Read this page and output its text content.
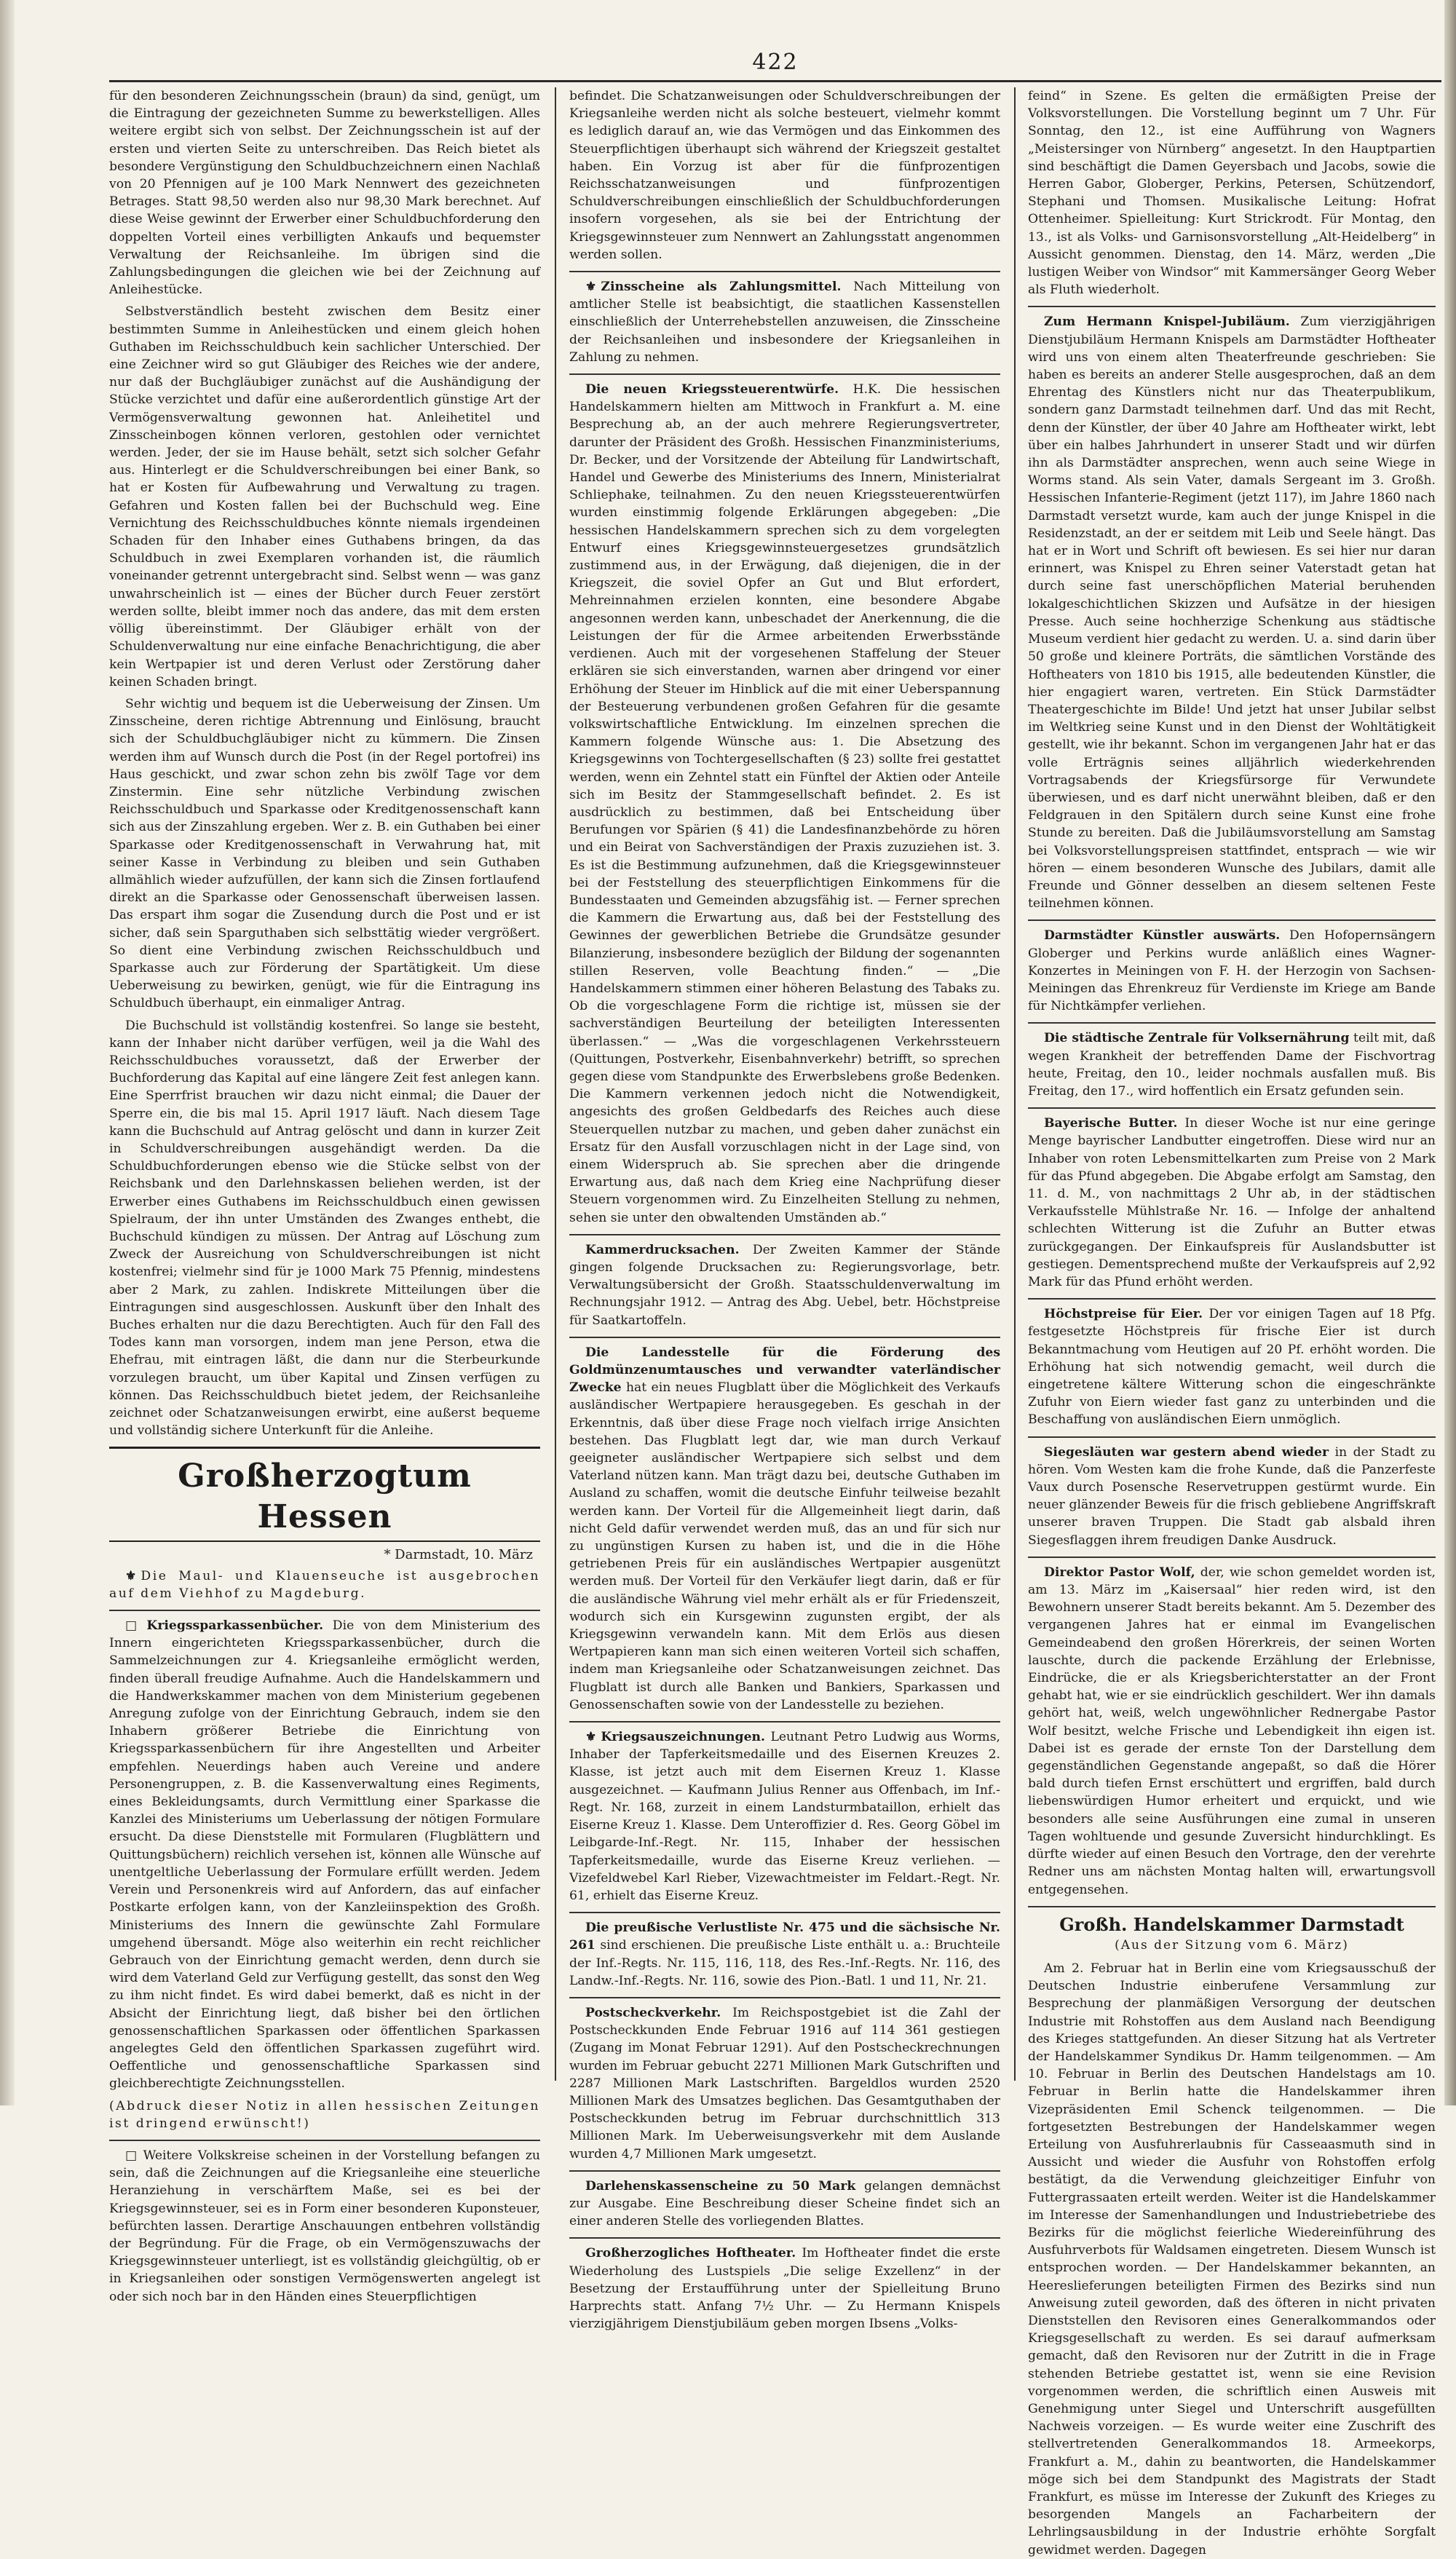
422

für den besonderen Zeichnungsschein (braun) da sind, genügt, um die Eintragung der gezeichneten Summe zu bewerkstelligen. Alles weitere ergibt sich von selbst. Der Zeichnungsschein ist auf der ersten und vierten Seite zu unterschreiben. Das Reich bietet als besondere Vergünstigung den Schuldbuchzeichnern einen Nachlaß von 20 Pfennigen auf je 100 Mark Nennwert des gezeichneten Betrages. Statt 98,50 werden also nur 98,30 Mark berechnet. Auf diese Weise gewinnt der Erwerber einer Schuldbuchforderung den doppelten Vorteil eines verbilligten Ankaufs und bequemster Verwaltung der Reichsanleihe. Im übrigen sind die Zahlungsbedingungen die gleichen wie bei der Zeichnung auf Anleihestücke.

Selbstverständlich besteht zwischen dem Besitz einer bestimmten Summe in Anleihestücken und einem gleich hohen Guthaben im Reichsschuldbuch kein sachlicher Unterschied. Der eine Zeichner wird so gut Gläubiger des Reiches wie der andere, nur daß der Buchgläubiger zunächst auf die Aushändigung der Stücke verzichtet und dafür eine außerordentlich günstige Art der Vermögensverwaltung gewonnen hat. Anleihetitel und Zinsscheinbogen können verloren, gestohlen oder vernichtet werden. Jeder, der sie im Hause behält, setzt sich solcher Gefahr aus. Hinterlegt er die Schuldverschreibungen bei einer Bank, so hat er Kosten für Aufbewahrung und Verwaltung zu tragen. Gefahren und Kosten fallen bei der Buchschuld weg. Eine Vernichtung des Reichsschuldbuches könnte niemals irgendeinen Schaden für den Inhaber eines Guthabens bringen, da das Schuldbuch in zwei Exemplaren vorhanden ist, die räumlich voneinander getrennt untergebracht sind. Selbst wenn — was ganz unwahrscheinlich ist — eines der Bücher durch Feuer zerstört werden sollte, bleibt immer noch das andere, das mit dem ersten völlig übereinstimmt. Der Gläubiger erhält von der Schuldenverwaltung nur eine einfache Benachrichtigung, die aber kein Wertpapier ist und deren Verlust oder Zerstörung daher keinen Schaden bringt.

Sehr wichtig und bequem ist die Ueberweisung der Zinsen. Um Zinsscheine, deren richtige Abtrennung und Einlösung, braucht sich der Schuldbuchgläubiger nicht zu kümmern. Die Zinsen werden ihm auf Wunsch durch die Post (in der Regel portofrei) ins Haus geschickt, und zwar schon zehn bis zwölf Tage vor dem Zinstermin. Eine sehr nützliche Verbindung zwischen Reichsschuldbuch und Sparkasse oder Kreditgenossenschaft kann sich aus der Zinszahlung ergeben. Wer z. B. ein Guthaben bei einer Sparkasse oder Kreditgenossenschaft in Verwahrung hat, mit seiner Kasse in Verbindung zu bleiben und sein Guthaben allmählich wieder aufzufüllen, der kann sich die Zinsen fortlaufend direkt an die Sparkasse oder Genossenschaft überweisen lassen. Das erspart ihm sogar die Zusendung durch die Post und er ist sicher, daß sein Sparguthaben sich selbsttätig wieder vergrößert. So dient eine Verbindung zwischen Reichsschuldbuch und Sparkasse auch zur Förderung der Spartätigkeit. Um diese Ueberweisung zu bewirken, genügt, wie für die Eintragung ins Schuldbuch überhaupt, ein einmaliger Antrag.

Die Buchschuld ist vollständig kostenfrei. So lange sie besteht, kann der Inhaber nicht darüber verfügen, weil ja die Wahl des Reichsschuldbuches voraussetzt, daß der Erwerber der Buchforderung das Kapital auf eine längere Zeit fest anlegen kann. Eine Sperrfrist brauchen wir dazu nicht einmal; die Dauer der Sperre ein, die bis mal 15. April 1917 läuft. Nach diesem Tage kann die Buchschuld auf Antrag gelöscht und dann in kurzer Zeit in Schuldverschreibungen ausgehändigt werden. Da die Schuldbuchforderungen ebenso wie die Stücke selbst von der Reichsbank und den Darlehnskassen beliehen werden, ist der Erwerber eines Guthabens im Reichsschuldbuch einen gewissen Spielraum, der ihn unter Umständen des Zwanges enthebt, die Buchschuld kündigen zu müssen. Der Antrag auf Löschung zum Zweck der Ausreichung von Schuldverschreibungen ist nicht kostenfrei; vielmehr sind für je 1000 Mark 75 Pfennig, mindestens aber 2 Mark, zu zahlen. Indiskrete Mitteilungen über die Eintragungen sind ausgeschlossen. Auskunft über den Inhalt des Buches erhalten nur die dazu Berechtigten. Auch für den Fall des Todes kann man vorsorgen, indem man jene Person, etwa die Ehefrau, mit eintragen läßt, die dann nur die Sterbeurkunde vorzulegen braucht, um über Kapital und Zinsen verfügen zu können. Das Reichsschuldbuch bietet jedem, der Reichsanleihe zeichnet oder Schatzanweisungen erwirbt, eine außerst bequeme und vollständig sichere Unterkunft für die Anleihe.

Großherzogtum Hessen
* Darmstadt, 10. März

⚜ Die Maul- und Klauenseuche ist ausgebrochen auf dem Viehhof zu Magdeburg.

□ Kriegssparkassenbücher. Die von dem Ministerium des Innern eingerichteten Kriegssparkassenbücher, durch die Sammelzeichnungen zur 4. Kriegsanleihe ermöglicht werden, finden überall freudige Aufnahme. Auch die Handelskammern und die Handwerkskammer machen von dem Ministerium gegebenen Anregung zufolge von der Einrichtung Gebrauch, indem sie den Inhabern größerer Betriebe die Einrichtung von Kriegssparkassenbüchern für ihre Angestellten und Arbeiter empfehlen. Neuerdings haben auch Vereine und andere Personengruppen, z. B. die Kassenverwaltung eines Regiments, eines Bekleidungsamts, durch Vermittlung einer Sparkasse die Kanzlei des Ministeriums um Ueberlassung der nötigen Formulare ersucht. Da diese Dienststelle mit Formularen (Flugblättern und Quittungsbüchern) reichlich versehen ist, können alle Wünsche auf unentgeltliche Ueberlassung der Formulare erfüllt werden. Jedem Verein und Personenkreis wird auf Anfordern, das auf einfacher Postkarte erfolgen kann, von der Kanzleiinspektion des Großh. Ministeriums des Innern die gewünschte Zahl Formulare umgehend übersandt. Möge also weiterhin ein recht reichlicher Gebrauch von der Einrichtung gemacht werden, denn durch sie wird dem Vaterland Geld zur Verfügung gestellt, das sonst den Weg zu ihm nicht findet. Es wird dabei bemerkt, daß es nicht in der Absicht der Einrichtung liegt, daß bisher bei den örtlichen genossenschaftlichen Sparkassen oder öffentlichen Sparkassen angelegtes Geld den öffentlichen Sparkassen zugeführt wird. Oeffentliche und genossenschaftliche Sparkassen sind gleichberechtigte Zeichnungsstellen.

(Abdruck dieser Notiz in allen hessischen Zeitungen ist dringend erwünscht!)

□ Weitere Volkskreise scheinen in der Vorstellung befangen zu sein, daß die Zeichnungen auf die Kriegsanleihe eine steuerliche Heranziehung in verschärftem Maße, sei es bei der Kriegsgewinnsteuer, sei es in Form einer besonderen Kuponsteuer, befürchten lassen. Derartige Anschauungen entbehren vollständig der Begründung. Für die Frage, ob ein Vermögenszuwachs der Kriegsgewinnsteuer unterliegt, ist es vollständig gleichgültig, ob er in Kriegsanleihen oder sonstigen Vermögenswerten angelegt ist oder sich noch bar in den Händen eines Steuerpflichtigen

befindet. Die Schatzanweisungen oder Schuldverschreibungen der Kriegsanleihe werden nicht als solche besteuert, vielmehr kommt es lediglich darauf an, wie das Vermögen und das Einkommen des Steuerpflichtigen überhaupt sich während der Kriegszeit gestaltet haben. Ein Vorzug ist aber für die fünfprozentigen Reichsschatzanweisungen und fünfprozentigen Schuldverschreibungen einschließlich der Schuldbuchforderungen insofern vorgesehen, als sie bei der Entrichtung der Kriegsgewinnsteuer zum Nennwert an Zahlungsstatt angenommen werden sollen.

⚜ Zinsscheine als Zahlungsmittel. Nach Mitteilung von amtlicher Stelle ist beabsichtigt, die staatlichen Kassenstellen einschließlich der Unterrehebstellen anzuweisen, die Zinsscheine der Reichsanleihen und insbesondere der Kriegsanleihen in Zahlung zu nehmen.

Die neuen Kriegssteuerentwürfe. H.K. Die hessischen Handelskammern hielten am Mittwoch in Frankfurt a. M. eine Besprechung ab, an der auch mehrere Regierungsvertreter, darunter der Präsident des Großh. Hessischen Finanzministeriums, Dr. Becker, und der Vorsitzende der Abteilung für Landwirtschaft, Handel und Gewerbe des Ministeriums des Innern, Ministerialrat Schliephake, teilnahmen. Zu den neuen Kriegssteuerentwürfen wurden einstimmig folgende Erklärungen abgegeben: „Die hessischen Handelskammern sprechen sich zu dem vorgelegten Entwurf eines Kriegsgewinnsteuergesetzes grundsätzlich zustimmend aus, in der Erwägung, daß diejenigen, die in der Kriegszeit, die soviel Opfer an Gut und Blut erfordert, Mehreinnahmen erzielen konnten, eine besondere Abgabe angesonnen werden kann, unbeschadet der Anerkennung, die die Leistungen der für die Armee arbeitenden Erwerbsstände verdienen. Auch mit der vorgesehenen Staffelung der Steuer erklären sie sich einverstanden, warnen aber dringend vor einer Erhöhung der Steuer im Hinblick auf die mit einer Ueberspannung der Besteuerung verbundenen großen Gefahren für die gesamte volkswirtschaftliche Entwicklung. Im einzelnen sprechen die Kammern folgende Wünsche aus: 1. Die Absetzung des Kriegsgewinns von Tochtergesellschaften (§ 23) sollte frei gestattet werden, wenn ein Zehntel statt ein Fünftel der Aktien oder Anteile sich im Besitz der Stammgesellschaft befindet. 2. Es ist ausdrücklich zu bestimmen, daß bei Entscheidung über Berufungen vor Spärien (§ 41) die Landesfinanzbehörde zu hören und ein Beirat von Sachverständigen der Praxis zuzuziehen ist. 3. Es ist die Bestimmung aufzunehmen, daß die Kriegsgewinnsteuer bei der Feststellung des steuerpflichtigen Einkommens für die Bundesstaaten und Gemeinden abzugsfähig ist. — Ferner sprechen die Kammern die Erwartung aus, daß bei der Feststellung des Gewinnes der gewerblichen Betriebe die Grundsätze gesunder Bilanzierung, insbesondere bezüglich der Bildung der sogenannten stillen Reserven, volle Beachtung finden.“ — „Die Handelskammern stimmen einer höheren Belastung des Tabaks zu. Ob die vorgeschlagene Form die richtige ist, müssen sie der sachverständigen Beurteilung der beteiligten Interessenten überlassen.“ — „Was die vorgeschlagenen Verkehrssteuern (Quittungen, Postverkehr, Eisenbahnverkehr) betrifft, so sprechen gegen diese vom Standpunkte des Erwerbslebens große Bedenken. Die Kammern verkennen jedoch nicht die Notwendigkeit, angesichts des großen Geldbedarfs des Reiches auch diese Steuerquellen nutzbar zu machen, und geben daher zunächst ein Ersatz für den Ausfall vorzuschlagen nicht in der Lage sind, von einem Widerspruch ab. Sie sprechen aber die dringende Erwartung aus, daß nach dem Krieg eine Nachprüfung dieser Steuern vorgenommen wird. Zu Einzelheiten Stellung zu nehmen, sehen sie unter den obwaltenden Umständen ab.“

Kammerdrucksachen. Der Zweiten Kammer der Stände gingen folgende Drucksachen zu: Regierungsvorlage, betr. Verwaltungsübersicht der Großh. Staatsschuldenverwaltung im Rechnungsjahr 1912. — Antrag des Abg. Uebel, betr. Höchstpreise für Saatkartoffeln.

Die Landesstelle für die Förderung des Goldmünzenumtausches und verwandter vaterländischer Zwecke hat ein neues Flugblatt über die Möglichkeit des Verkaufs ausländischer Wertpapiere herausgegeben. Es geschah in der Erkenntnis, daß über diese Frage noch vielfach irrige Ansichten bestehen. Das Flugblatt legt dar, wie man durch Verkauf geeigneter ausländischer Wertpapiere sich selbst und dem Vaterland nützen kann. Man trägt dazu bei, deutsche Guthaben im Ausland zu schaffen, womit die deutsche Einfuhr teilweise bezahlt werden kann. Der Vorteil für die Allgemeinheit liegt darin, daß nicht Geld dafür verwendet werden muß, das an und für sich nur zu ungünstigen Kursen zu haben ist, und die in die Höhe getriebenen Preis für ein ausländisches Wertpapier ausgenützt werden muß. Der Vorteil für den Verkäufer liegt darin, daß er für die ausländische Währung viel mehr erhält als er für Friedenszeit, wodurch sich ein Kursgewinn zugunsten ergibt, der als Kriegsgewinn verwandeln kann. Mit dem Erlös aus diesen Wertpapieren kann man sich einen weiteren Vorteil sich schaffen, indem man Kriegsanleihe oder Schatzanweisungen zeichnet. Das Flugblatt ist durch alle Banken und Bankiers, Sparkassen und Genossenschaften sowie von der Landesstelle zu beziehen.

⚜ Kriegsauszeichnungen. Leutnant Petro Ludwig aus Worms, Inhaber der Tapferkeitsmedaille und des Eisernen Kreuzes 2. Klasse, ist jetzt auch mit dem Eisernen Kreuz 1. Klasse ausgezeichnet. — Kaufmann Julius Renner aus Offenbach, im Inf.-Regt. Nr. 168, zurzeit in einem Landsturmbataillon, erhielt das Eiserne Kreuz 1. Klasse. Dem Unteroffizier d. Res. Georg Göbel im Leibgarde-Inf.-Regt. Nr. 115, Inhaber der hessischen Tapferkeitsmedaille, wurde das Eiserne Kreuz verliehen. — Vizefeldwebel Karl Rieber, Vizewachtmeister im Feldart.-Regt. Nr. 61, erhielt das Eiserne Kreuz.

Die preußische Verlustliste Nr. 475 und die sächsische Nr. 261 sind erschienen. Die preußische Liste enthält u. a.: Bruchteile der Inf.-Regts. Nr. 115, 116, 118, des Res.-Inf.-Regts. Nr. 116, des Landw.-Inf.-Regts. Nr. 116, sowie des Pion.-Batl. 1 und 11, Nr. 21.

Postscheckverkehr. Im Reichspostgebiet ist die Zahl der Postscheckkunden Ende Februar 1916 auf 114 361 gestiegen (Zugang im Monat Februar 1291). Auf den Postscheckrechnungen wurden im Februar gebucht 2271 Millionen Mark Gutschriften und 2287 Millionen Mark Lastschriften. Bargeldlos wurden 2520 Millionen Mark des Umsatzes beglichen. Das Gesamtguthaben der Postscheckkunden betrug im Februar durchschnittlich 313 Millionen Mark. Im Ueberweisungsverkehr mit dem Auslande wurden 4,7 Millionen Mark umgesetzt.

Darlehenskassenscheine zu 50 Mark gelangen demnächst zur Ausgabe. Eine Beschreibung dieser Scheine findet sich an einer anderen Stelle des vorliegenden Blattes.

Großherzogliches Hoftheater. Im Hoftheater findet die erste Wiederholung des Lustspiels „Die selige Exzellenz“ in der Besetzung der Erstaufführung unter der Spielleitung Bruno Harprechts statt. Anfang 7½ Uhr. — Zu Hermann Knispels vierzigjährigem Dienstjubiläum geben morgen Ibsens „Volks-

feind“ in Szene. Es gelten die ermäßigten Preise der Volksvorstellungen. Die Vorstellung beginnt um 7 Uhr. Für Sonntag, den 12., ist eine Aufführung von Wagners „Meistersinger von Nürnberg“ angesetzt. In den Hauptpartien sind beschäftigt die Damen Geyersbach und Jacobs, sowie die Herren Gabor, Globerger, Perkins, Petersen, Schützendorf, Stephani und Thomsen. Musikalische Leitung: Hofrat Ottenheimer. Spielleitung: Kurt Strickrodt. Für Montag, den 13., ist als Volks- und Garnisonsvorstellung „Alt-Heidelberg“ in Aussicht genommen. Dienstag, den 14. März, werden „Die lustigen Weiber von Windsor“ mit Kammersänger Georg Weber als Fluth wiederholt.

Zum Hermann Knispel-Jubiläum. Zum vierzigjährigen Dienstjubiläum Hermann Knispels am Darmstädter Hoftheater wird uns von einem alten Theaterfreunde geschrieben: Sie haben es bereits an anderer Stelle ausgesprochen, daß an dem Ehrentag des Künstlers nicht nur das Theaterpublikum, sondern ganz Darmstadt teilnehmen darf. Und das mit Recht, denn der Künstler, der über 40 Jahre am Hoftheater wirkt, lebt über ein halbes Jahrhundert in unserer Stadt und wir dürfen ihn als Darmstädter ansprechen, wenn auch seine Wiege in Worms stand. Als sein Vater, damals Sergeant im 3. Großh. Hessischen Infanterie-Regiment (jetzt 117), im Jahre 1860 nach Darmstadt versetzt wurde, kam auch der junge Knispel in die Residenzstadt, an der er seitdem mit Leib und Seele hängt. Das hat er in Wort und Schrift oft bewiesen. Es sei hier nur daran erinnert, was Knispel zu Ehren seiner Vaterstadt getan hat durch seine fast unerschöpflichen Material beruhenden lokalgeschichtlichen Skizzen und Aufsätze in der hiesigen Presse. Auch seine hochherzige Schenkung aus städtische Museum verdient hier gedacht zu werden. U. a. sind darin über 50 große und kleinere Porträts, die sämtlichen Vorstände des Hoftheaters von 1810 bis 1915, alle bedeutenden Künstler, die hier engagiert waren, vertreten. Ein Stück Darmstädter Theatergeschichte im Bilde! Und jetzt hat unser Jubilar selbst im Weltkrieg seine Kunst und in den Dienst der Wohltätigkeit gestellt, wie ihr bekannt. Schon im vergangenen Jahr hat er das volle Erträgnis seines alljährlich wiederkehrenden Vortragsabends der Kriegsfürsorge für Verwundete überwiesen, und es darf nicht unerwähnt bleiben, daß er den Feldgrauen in den Spitälern durch seine Kunst eine frohe Stunde zu bereiten. Daß die Jubiläumsvorstellung am Samstag bei Volksvorstellungspreisen stattfindet, entsprach — wie wir hören — einem besonderen Wunsche des Jubilars, damit alle Freunde und Gönner desselben an diesem seltenen Feste teilnehmen können.

Darmstädter Künstler auswärts. Den Hofopernsängern Globerger und Perkins wurde anläßlich eines Wagner-Konzertes in Meiningen von F. H. der Herzogin von Sachsen-Meiningen das Ehrenkreuz für Verdienste im Kriege am Bande für Nichtkämpfer verliehen.

Die städtische Zentrale für Volksernährung teilt mit, daß wegen Krankheit der betreffenden Dame der Fischvortrag heute, Freitag, den 10., leider nochmals ausfallen muß. Bis Freitag, den 17., wird hoffentlich ein Ersatz gefunden sein.

Bayerische Butter. In dieser Woche ist nur eine geringe Menge bayrischer Landbutter eingetroffen. Diese wird nur an Inhaber von roten Lebensmittelkarten zum Preise von 2 Mark für das Pfund abgegeben. Die Abgabe erfolgt am Samstag, den 11. d. M., von nachmittags 2 Uhr ab, in der städtischen Verkaufsstelle Mühlstraße Nr. 16. — Infolge der anhaltend schlechten Witterung ist die Zufuhr an Butter etwas zurückgegangen. Der Einkaufspreis für Auslandsbutter ist gestiegen. Dementsprechend mußte der Verkaufspreis auf 2,92 Mark für das Pfund erhöht werden.

Höchstpreise für Eier. Der vor einigen Tagen auf 18 Pfg. festgesetzte Höchstpreis für frische Eier ist durch Bekanntmachung vom Heutigen auf 20 Pf. erhöht worden. Die Erhöhung hat sich notwendig gemacht, weil durch die eingetretene kältere Witterung schon die eingeschränkte Zufuhr von Eiern wieder fast ganz zu unterbinden und die Beschaffung von ausländischen Eiern unmöglich.

Siegesläuten war gestern abend wieder in der Stadt zu hören. Vom Westen kam die frohe Kunde, daß die Panzerfeste Vaux durch Posensche Reservetruppen gestürmt wurde. Ein neuer glänzender Beweis für die frisch gebliebene Angriffskraft unserer braven Truppen. Die Stadt gab alsbald ihren Siegesflaggen ihrem freudigen Danke Ausdruck.

Direktor Pastor Wolf, der, wie schon gemeldet worden ist, am 13. März im „Kaisersaal“ hier reden wird, ist den Bewohnern unserer Stadt bereits bekannt. Am 5. Dezember des vergangenen Jahres hat er einmal im Evangelischen Gemeindeabend den großen Hörerkreis, der seinen Worten lauschte, durch die packende Erzählung der Erlebnisse, Eindrücke, die er als Kriegsberichterstatter an der Front gehabt hat, wie er sie eindrücklich geschildert. Wer ihn damals gehört hat, weiß, welch ungewöhnlicher Rednergabe Pastor Wolf besitzt, welche Frische und Lebendigkeit ihn eigen ist. Dabei ist es gerade der ernste Ton der Darstellung dem gegenständlichen Gegenstande angepaßt, so daß die Hörer bald durch tiefen Ernst erschüttert und ergriffen, bald durch liebenswürdigen Humor erheitert und erquickt, und wie besonders alle seine Ausführungen eine zumal in unseren Tagen wohltuende und gesunde Zuversicht hindurchklingt. Es dürfte wieder auf einen Besuch den Vortrage, den der verehrte Redner uns am nächsten Montag halten will, erwartungsvoll entgegensehen.

Großh. Handelskammer Darmstadt
(Aus der Sitzung vom 6. März)

Am 2. Februar hat in Berlin eine vom Kriegsausschuß der Deutschen Industrie einberufene Versammlung zur Besprechung der planmäßigen Versorgung der deutschen Industrie mit Rohstoffen aus dem Ausland nach Beendigung des Krieges stattgefunden. An dieser Sitzung hat als Vertreter der Handelskammer Syndikus Dr. Hamm teilgenommen. — Am 10. Februar in Berlin des Deutschen Handelstags am 10. Februar in Berlin hatte die Handelskammer ihren Vizepräsidenten Emil Schenck teilgenommen. — Die fortgesetzten Bestrebungen der Handelskammer wegen Erteilung von Ausfuhrerlaubnis für Casseaasmuth sind in Aussicht und wieder die Ausfuhr von Rohstoffen erfolg bestätigt, da die Verwendung gleichzeitiger Einfuhr von Futtergrassaaten erteilt werden. Weiter ist die Handelskammer im Interesse der Samenhandlungen und Industriebetriebe des Bezirks für die möglichst feierliche Wiedereinführung des Ausfuhrverbots für Waldsamen eingetreten. Diesem Wunsch ist entsprochen worden. — Der Handelskammer bekannten, an Heereslieferungen beteiligten Firmen des Bezirks sind nun Anweisung zuteil geworden, daß des öfteren in nicht privaten Dienststellen den Revisoren eines Generalkommandos oder Kriegsgesellschaft zu werden. Es sei darauf aufmerksam gemacht, daß den Revisoren nur der Zutritt in die in Frage stehenden Betriebe gestattet ist, wenn sie eine Revision vorgenommen werden, die schriftlich einen Ausweis mit Genehmigung unter Siegel und Unterschrift ausgefüllten Nachweis vorzeigen. — Es wurde weiter eine Zuschrift des stellvertretenden Generalkommandos 18. Armeekorps, Frankfurt a. M., dahin zu beantworten, die Handelskammer möge sich bei dem Standpunkt des Magistrats der Stadt Frankfurt, es müsse im Interesse der Zukunft des Krieges zu besorgenden Mangels an Facharbeitern der Lehrlingsausbildung in der Industrie erhöhte Sorgfalt gewidmet werden. Dagegen
